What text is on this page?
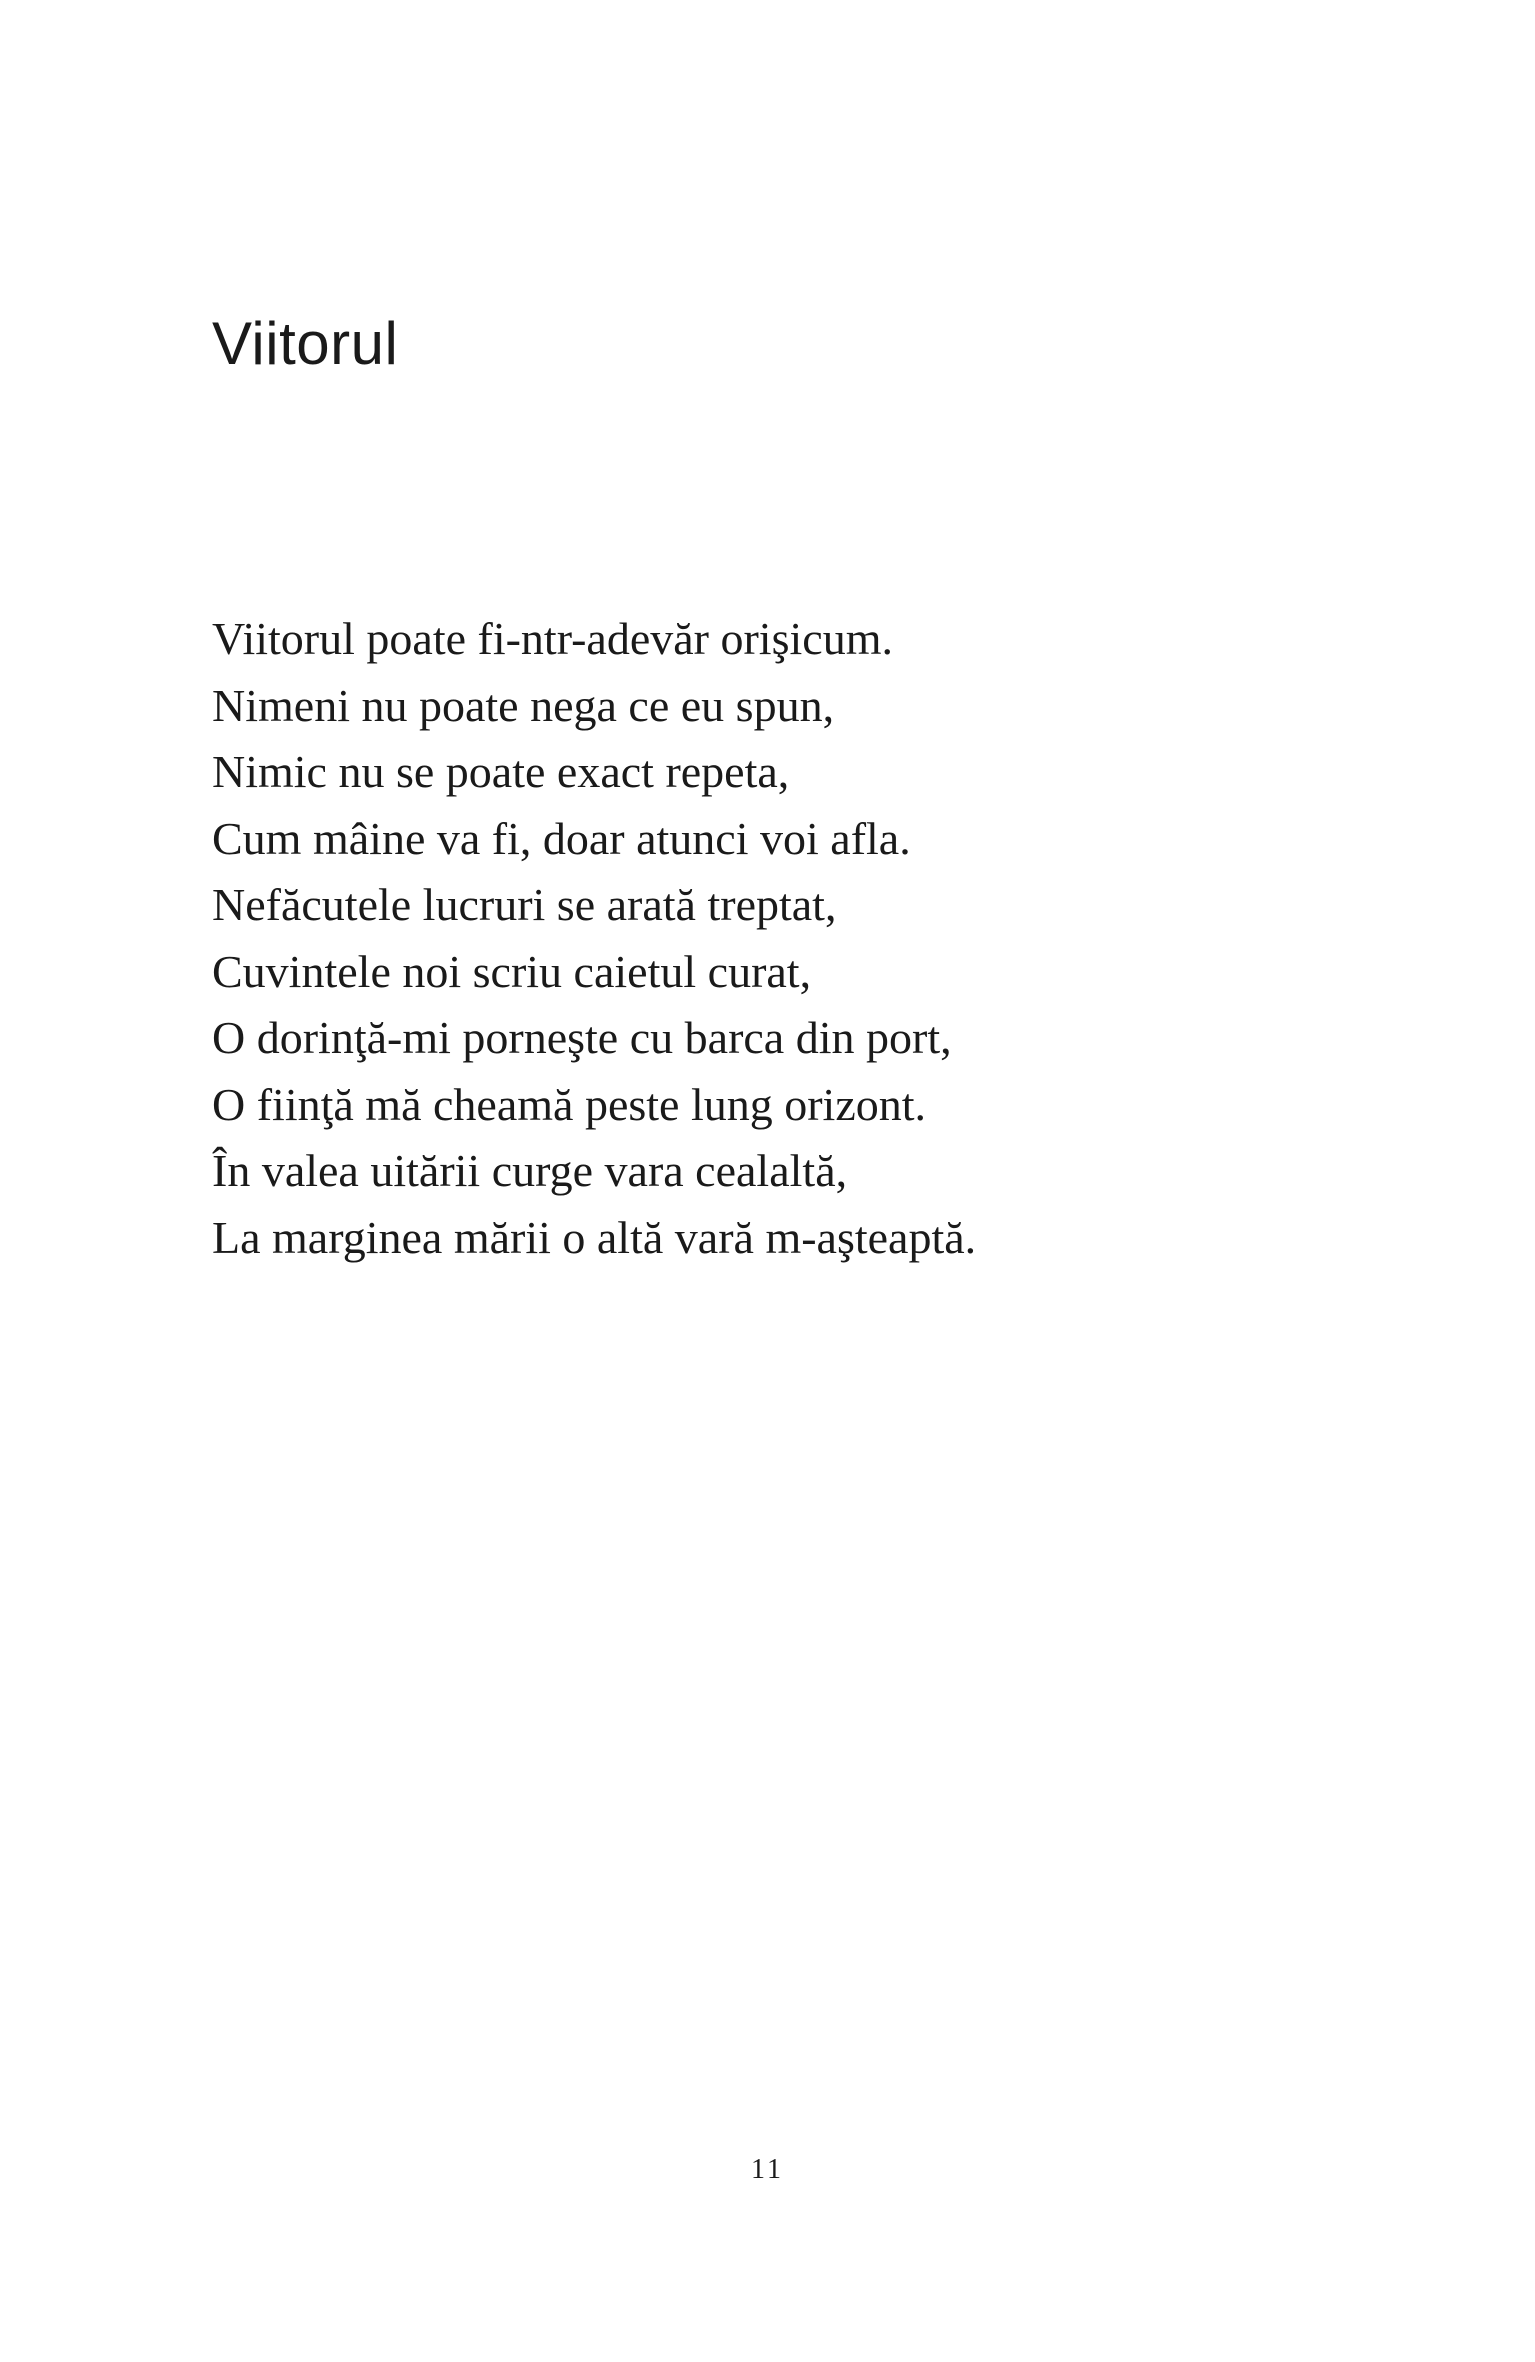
Viitorul
Viitorul poate fi-ntr-adevăr orişicum.
Nimeni nu poate nega ce eu spun,
Nimic nu se poate exact repeta,
Cum mâine va fi, doar atunci voi afla.
Nefăcutele lucruri se arată treptat,
Cuvintele noi scriu caietul curat,
O dorinţă-mi porneşte cu barca din port,
O fiinţă mă cheamă peste lung orizont.
În valea uitării curge vara cealaltă,
La marginea mării o altă vară m-aşteaptă.
11
